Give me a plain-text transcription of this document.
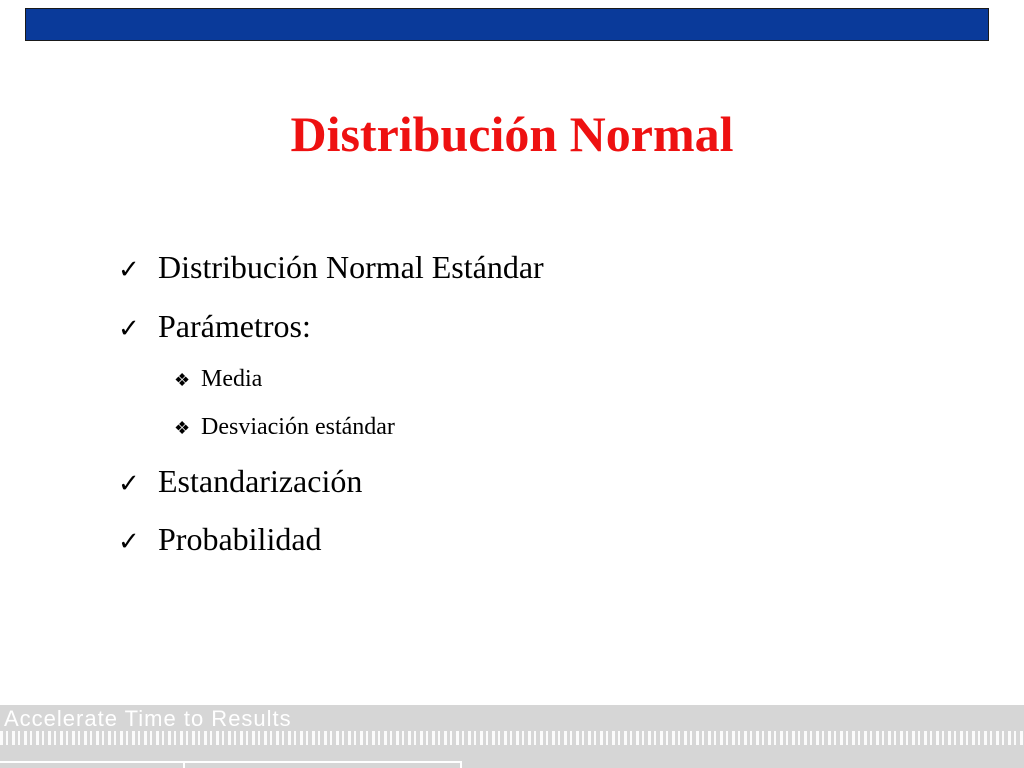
Distribución Normal
✓ Distribución Normal Estándar
✓ Parámetros:
❖ Media
❖ Desviación estándar
✓ Estandarización
✓ Probabilidad
Accelerate Time to Results
